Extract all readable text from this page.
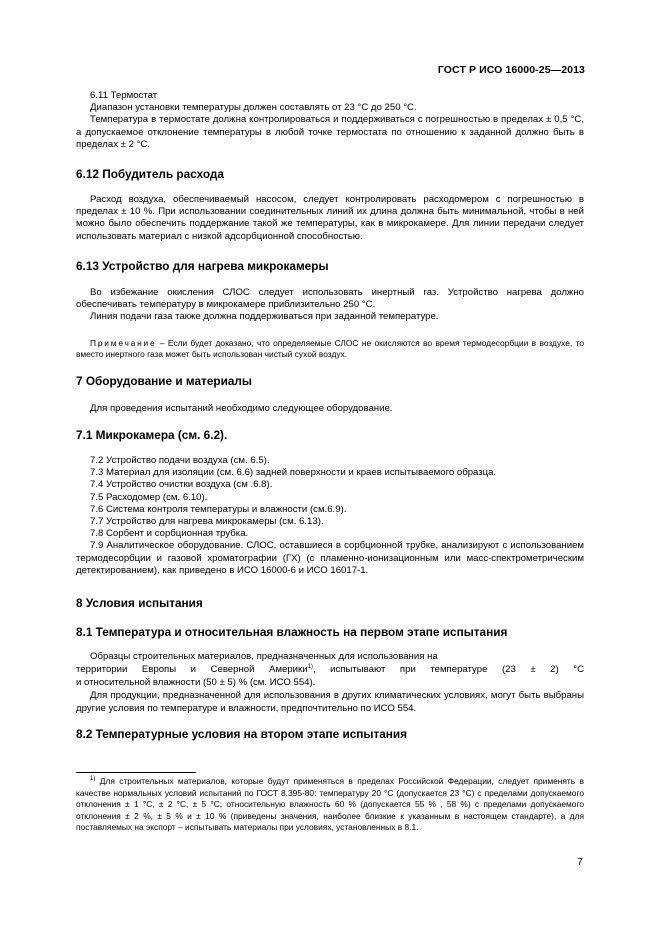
ГОСТ Р ИСО 16000-25—2013

6.11 Термостат

Диапазон установки температуры должен составлять от 23 °С до 250 °С.

Температура в термостате должна контролироваться и поддерживаться с погрешностью в пределах ± 0,5 °С, а допускаемое отклонение температуры в любой точке термостата по отношению к заданной должно быть в пределах ± 2 °С.

6.12 Побудитель расхода

Расход воздуха, обеспечиваемый насосом, следует контролировать расходомером с погрешностью в пределах ± 10 %. При использовании соединительных линий их длина должна быть минимальной, чтобы в ней можно было обеспечить поддержание такой же температуры, как в микрокамере. Для линии передачи следует использовать материал с низкой адсорбционной способностью.

6.13 Устройство для нагрева микрокамеры

Во избежание окисления СЛОС следует использовать инертный газ. Устройство нагрева должно обеспечивать температуру в микрокамере приблизительно 250 °С.

Линия подачи газа также должна поддерживаться при заданной температуре.

Примечание – Если будет доказано, что определяемые СЛОС не окисляются во время термодесорбции в воздухе, то вместо инертного газа может быть использован чистый сухой воздух.

7 Оборудование и материалы

Для проведения испытаний необходимо следующее оборудование.

7.1 Микрокамера (см. 6.2).

7.2 Устройство подачи воздуха (см. 6.5).

7.3 Материал для изоляции (см. 6.6) задней поверхности и краев испытываемого образца.

7.4 Устройство очистки воздуха (см .6.8).

7.5 Расходомер (см. 6.10).

7.6 Система контроля температуры и влажности (см.6.9).

7.7 Устройство для нагрева микрокамеры (см. 6.13).

7.8 Сорбент и сорбционная трубка.

7.9 Аналитическое оборудование. СЛОС, оставшиеся в сорбционной трубке, анализируют с использованием термодесорбции и газовой хроматографии (ГХ) (с пламенно-ионизационным или масс-спектрометрическим детектированием), как приведено в ИСО 16000-6 и ИСО 16017-1.

8 Условия испытания

8.1 Температура и относительная влажность на первом этапе испытания

Образцы строительных материалов, предназначенных для использования на

территории Европы и Северной Америки$^{1)}$, испытывают при температуре (23 ± 2) °С

и относительной влажности (50 ± 5) % (см. ИСО 554).

Для продукции, предназначенной для использования в других климатических условиях, могут быть выбраны другие условия по температуре и влажности, предпочтительно по ИСО 554.

8.2 Температурные условия на втором этапе испытания

$^{1)}$ Для строительных материалов, которые будут применяться в пределах Российской Федерации, следует применять в качестве нормальных условий испытаний по ГОСТ 8.395-80: температуру 20 °С (допускается 23 °С) с пределами допускаемого отклонения ± 1 °С, ± 2 °С, ± 5 °С; относительную влажность 60 % (допускается 55 % , 58 %) с пределами допускаемого отклонения ± 2 %, ± 5 % и ± 10 % (приведены значения, наиболее близкие к указанным в настоящем стандарте), а для поставляемых на экспорт – испытывать материалы при условиях, установленных в 8.1.

7
